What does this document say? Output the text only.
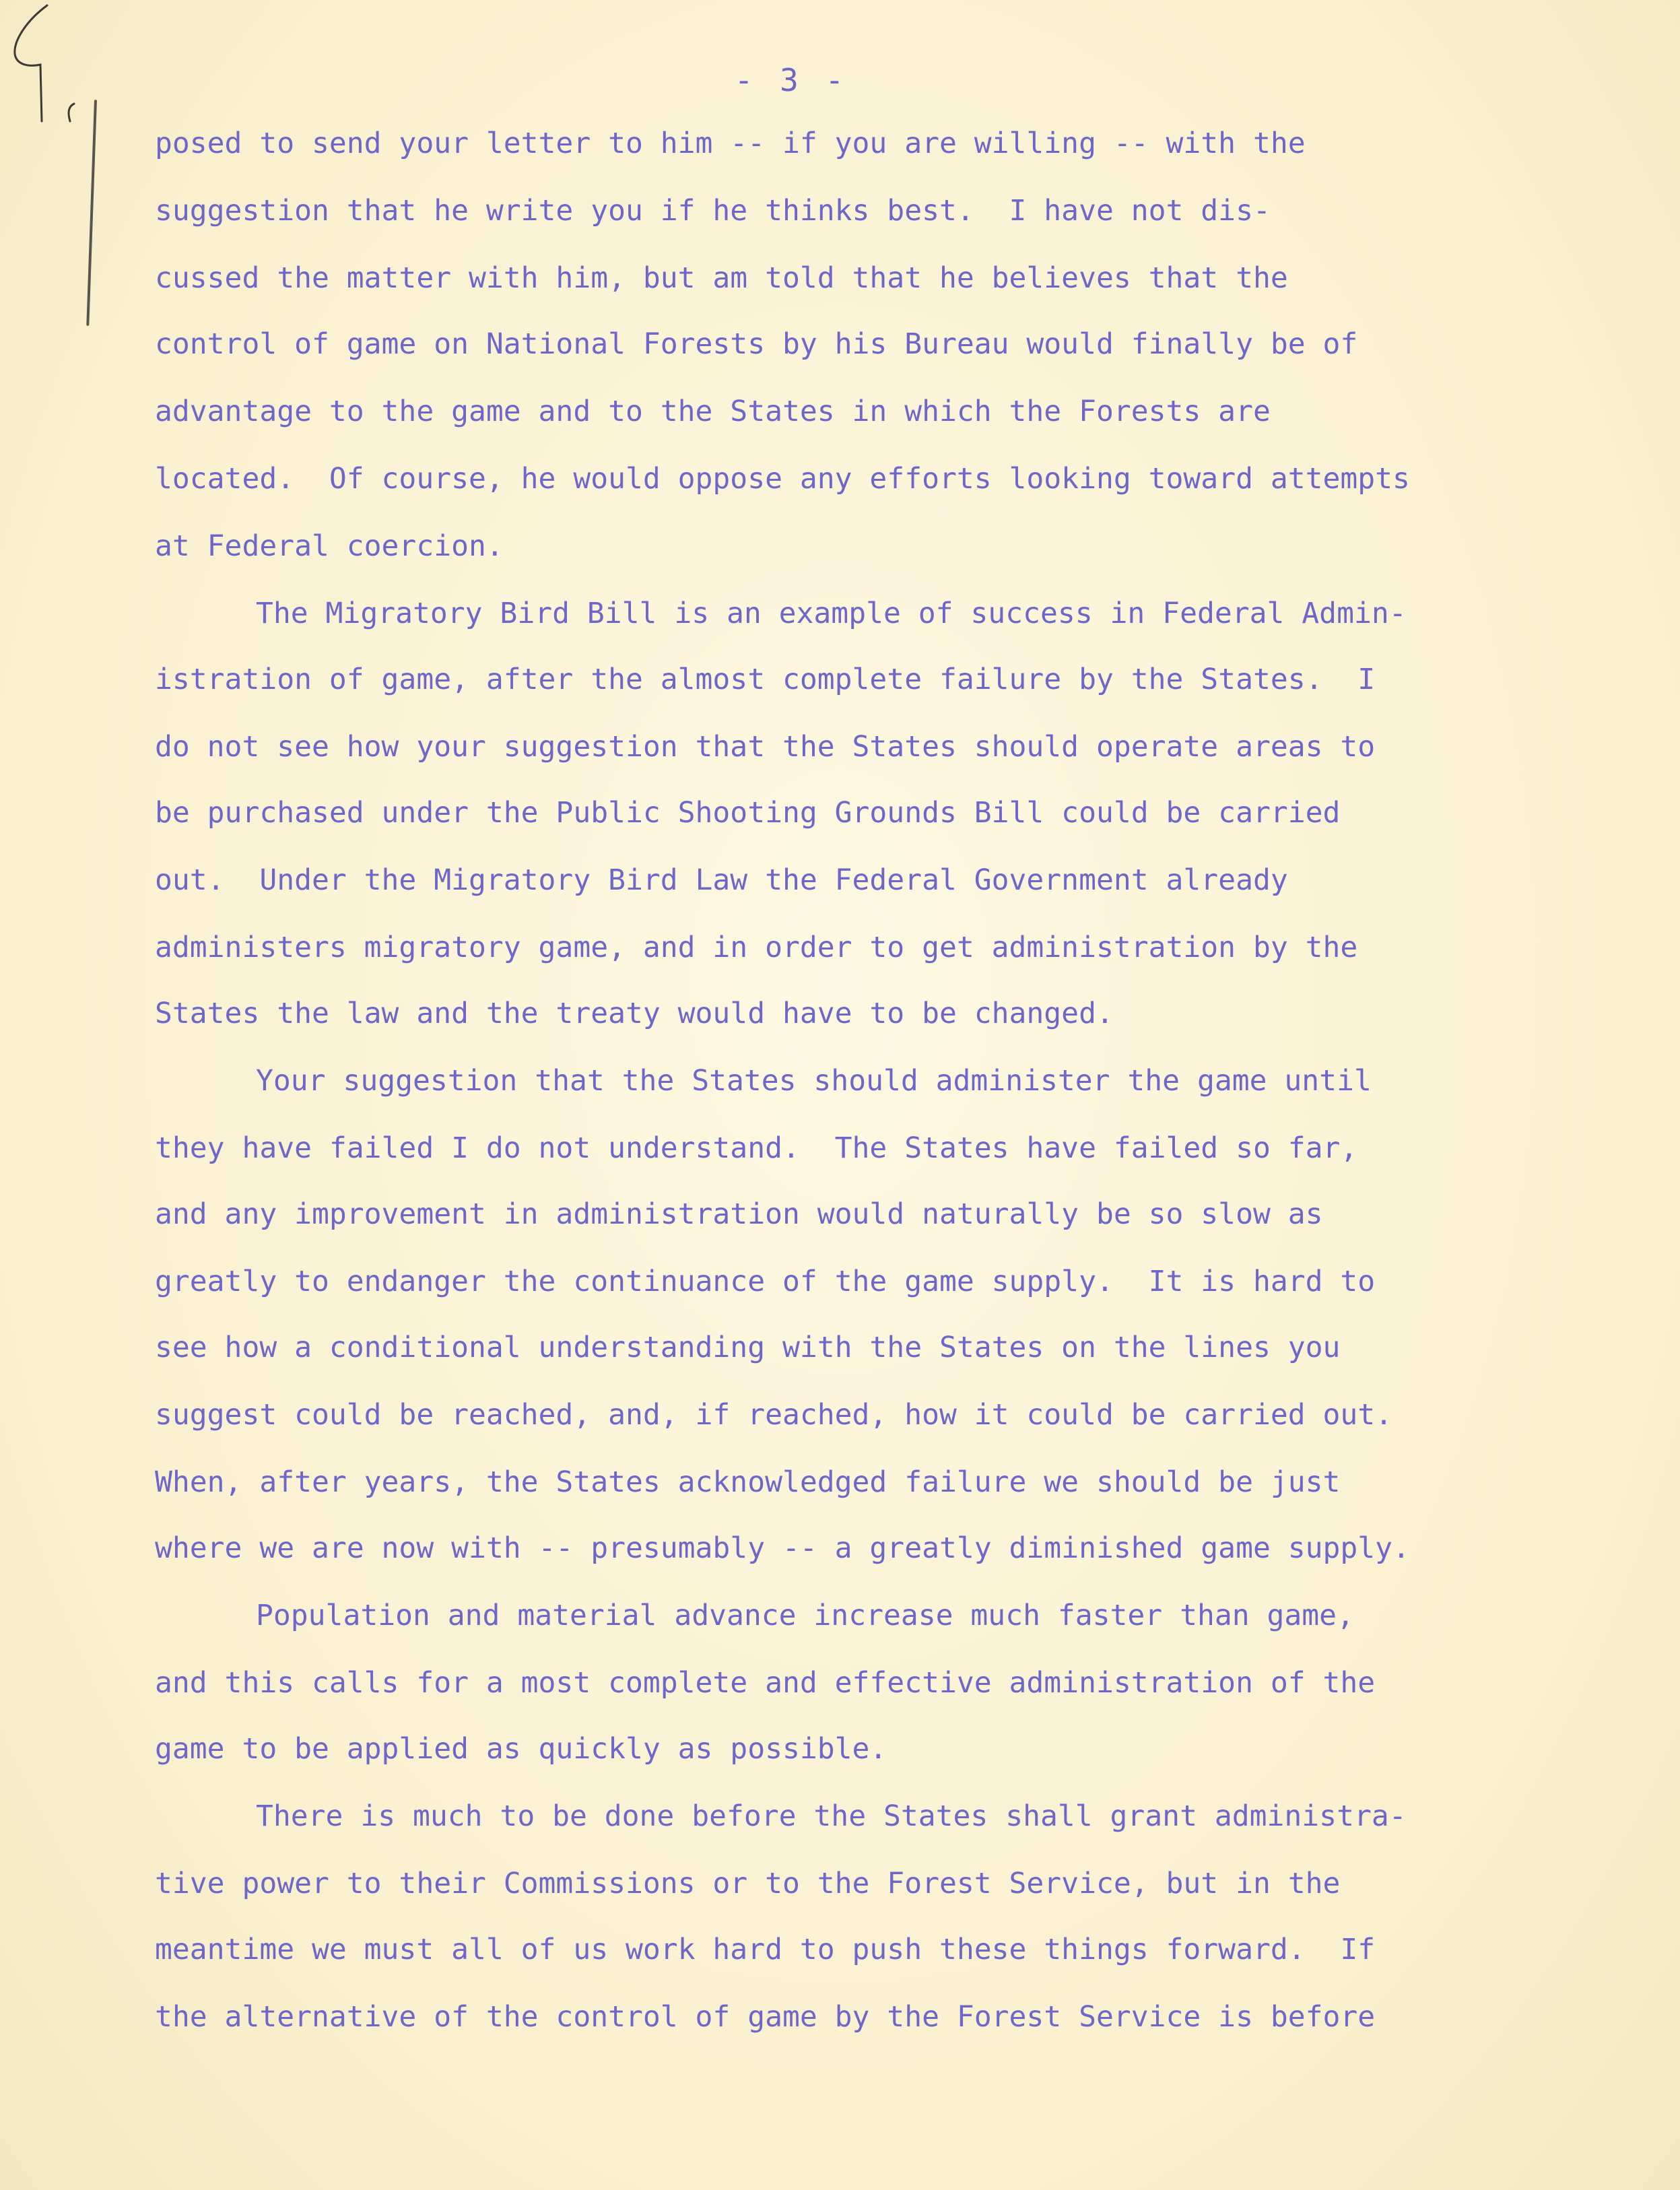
- 3 -

posed to send your letter to him -- if you are willing -- with the

suggestion that he write you if he thinks best.  I have not dis-

cussed the matter with him, but am told that he believes that the

control of game on National Forests by his Bureau would finally be of

advantage to the game and to the States in which the Forests are

located.  Of course, he would oppose any efforts looking toward attempts

at Federal coercion.

The Migratory Bird Bill is an example of success in Federal Admin-

istration of game, after the almost complete failure by the States.  I

do not see how your suggestion that the States should operate areas to

be purchased under the Public Shooting Grounds Bill could be carried

out.  Under the Migratory Bird Law the Federal Government already

administers migratory game, and in order to get administration by the

States the law and the treaty would have to be changed.

Your suggestion that the States should administer the game until

they have failed I do not understand.  The States have failed so far,

and any improvement in administration would naturally be so slow as

greatly to endanger the continuance of the game supply.  It is hard to

see how a conditional understanding with the States on the lines you

suggest could be reached, and, if reached, how it could be carried out.

When, after years, the States acknowledged failure we should be just

where we are now with -- presumably -- a greatly diminished game supply.

Population and material advance increase much faster than game,

and this calls for a most complete and effective administration of the

game to be applied as quickly as possible.

There is much to be done before the States shall grant administra-

tive power to their Commissions or to the Forest Service, but in the

meantime we must all of us work hard to push these things forward.  If

the alternative of the control of game by the Forest Service is before
